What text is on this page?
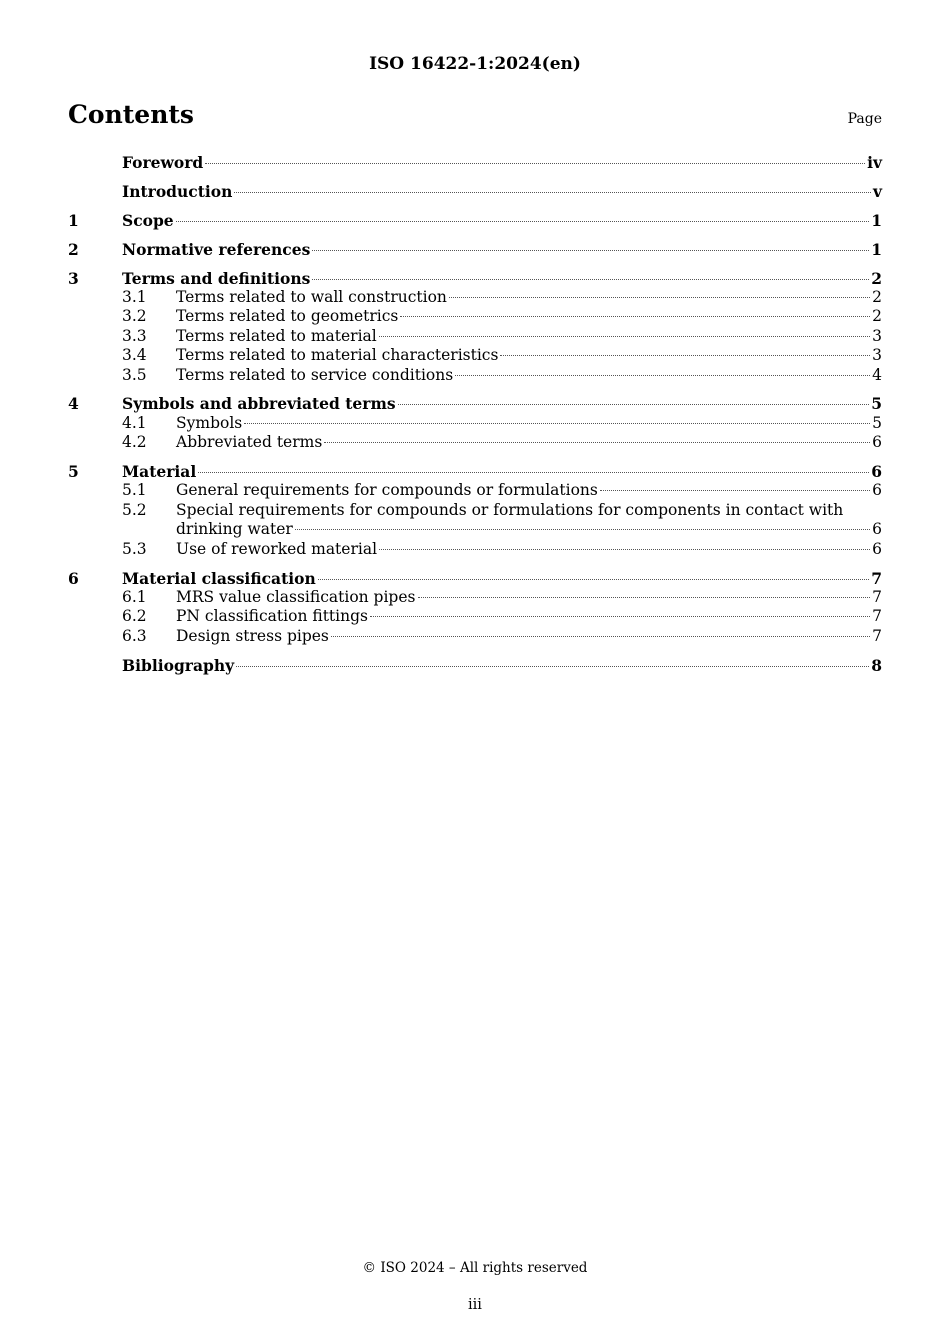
ISO 16422-1:2024(en)
Contents	Page
Foreword	iv
Introduction	v
1	Scope	1
2	Normative references	1
3	Terms and definitions	2
3.1	Terms related to wall construction	2
3.2	Terms related to geometrics	2
3.3	Terms related to material	3
3.4	Terms related to material characteristics	3
3.5	Terms related to service conditions	4
4	Symbols and abbreviated terms	5
4.1	Symbols	5
4.2	Abbreviated terms	6
5	Material	6
5.1	General requirements for compounds or formulations	6
5.2	Special requirements for compounds or formulations for components in contact with
drinking water	6
5.3	Use of reworked material	6
6	Material classification	7
6.1	MRS value classification pipes	7
6.2	PN classification fittings	7
6.3	Design stress pipes	7
Bibliography	8
© ISO 2024 – All rights reserved
iii
